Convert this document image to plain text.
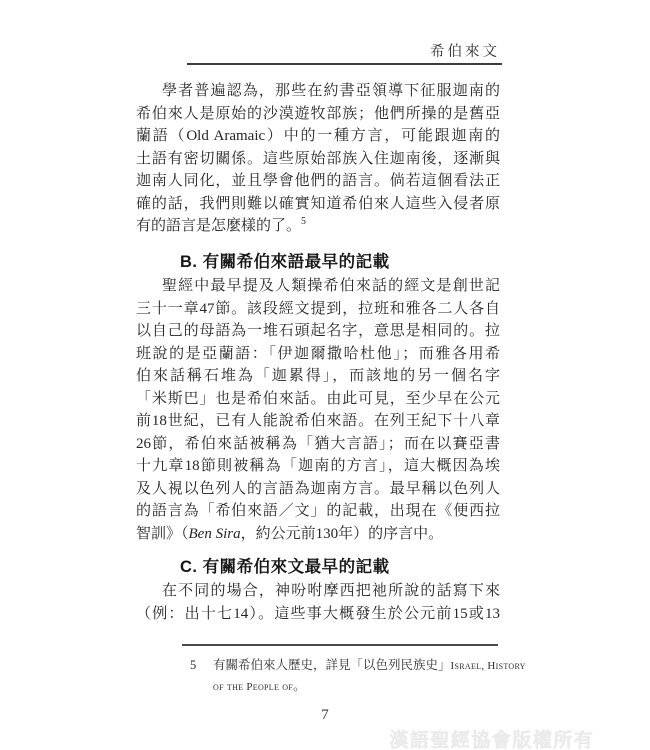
希伯來文
學者普遍認為，那些在約書亞領導下征服迦南的
希伯來人是原始的沙漠遊牧部族；他們所操的是舊亞
蘭語（Old Aramaic）中的一種方言，可能跟迦南的
土語有密切關係。這些原始部族入住迦南後，逐漸與
迦南人同化，並且學會他們的語言。倘若這個看法正
確的話，我們則難以確實知道希伯來人這些入侵者原
有的語言是怎麼樣的了。$^5$
B. 有關希伯來語最早的記載
聖經中最早提及人類操希伯來話的經文是創世記
三十一章47節。該段經文提到，拉班和雅各二人各自
以自己的母語為一堆石頭起名字，意思是相同的。拉
班說的是亞蘭語：「伊迦爾撒哈杜他」；而雅各用希
伯來話稱石堆為「迦累得」，而該地的另一個名字
「米斯巴」也是希伯來話。由此可見，至少早在公元
前18世紀，已有人能說希伯來語。在列王紀下十八章
26節，希伯來話被稱為「猶大言語」；而在以賽亞書
十九章18節則被稱為「迦南的方言」，這大概因為埃
及人視以色列人的言語為迦南方言。最早稱以色列人
的語言為「希伯來語／文」的記載，出現在《便西拉
智訓》（Ben Sira，約公元前130年）的序言中。
C. 有關希伯來文最早的記載
在不同的場合，神吩咐摩西把祂所說的話寫下來
（例：出十七14）。這些事大概發生於公元前15或13
5 有關希伯來人歷史，詳見「以色列民族史」Israel, History
of the People of。
7
漢語聖經協會版權所有
